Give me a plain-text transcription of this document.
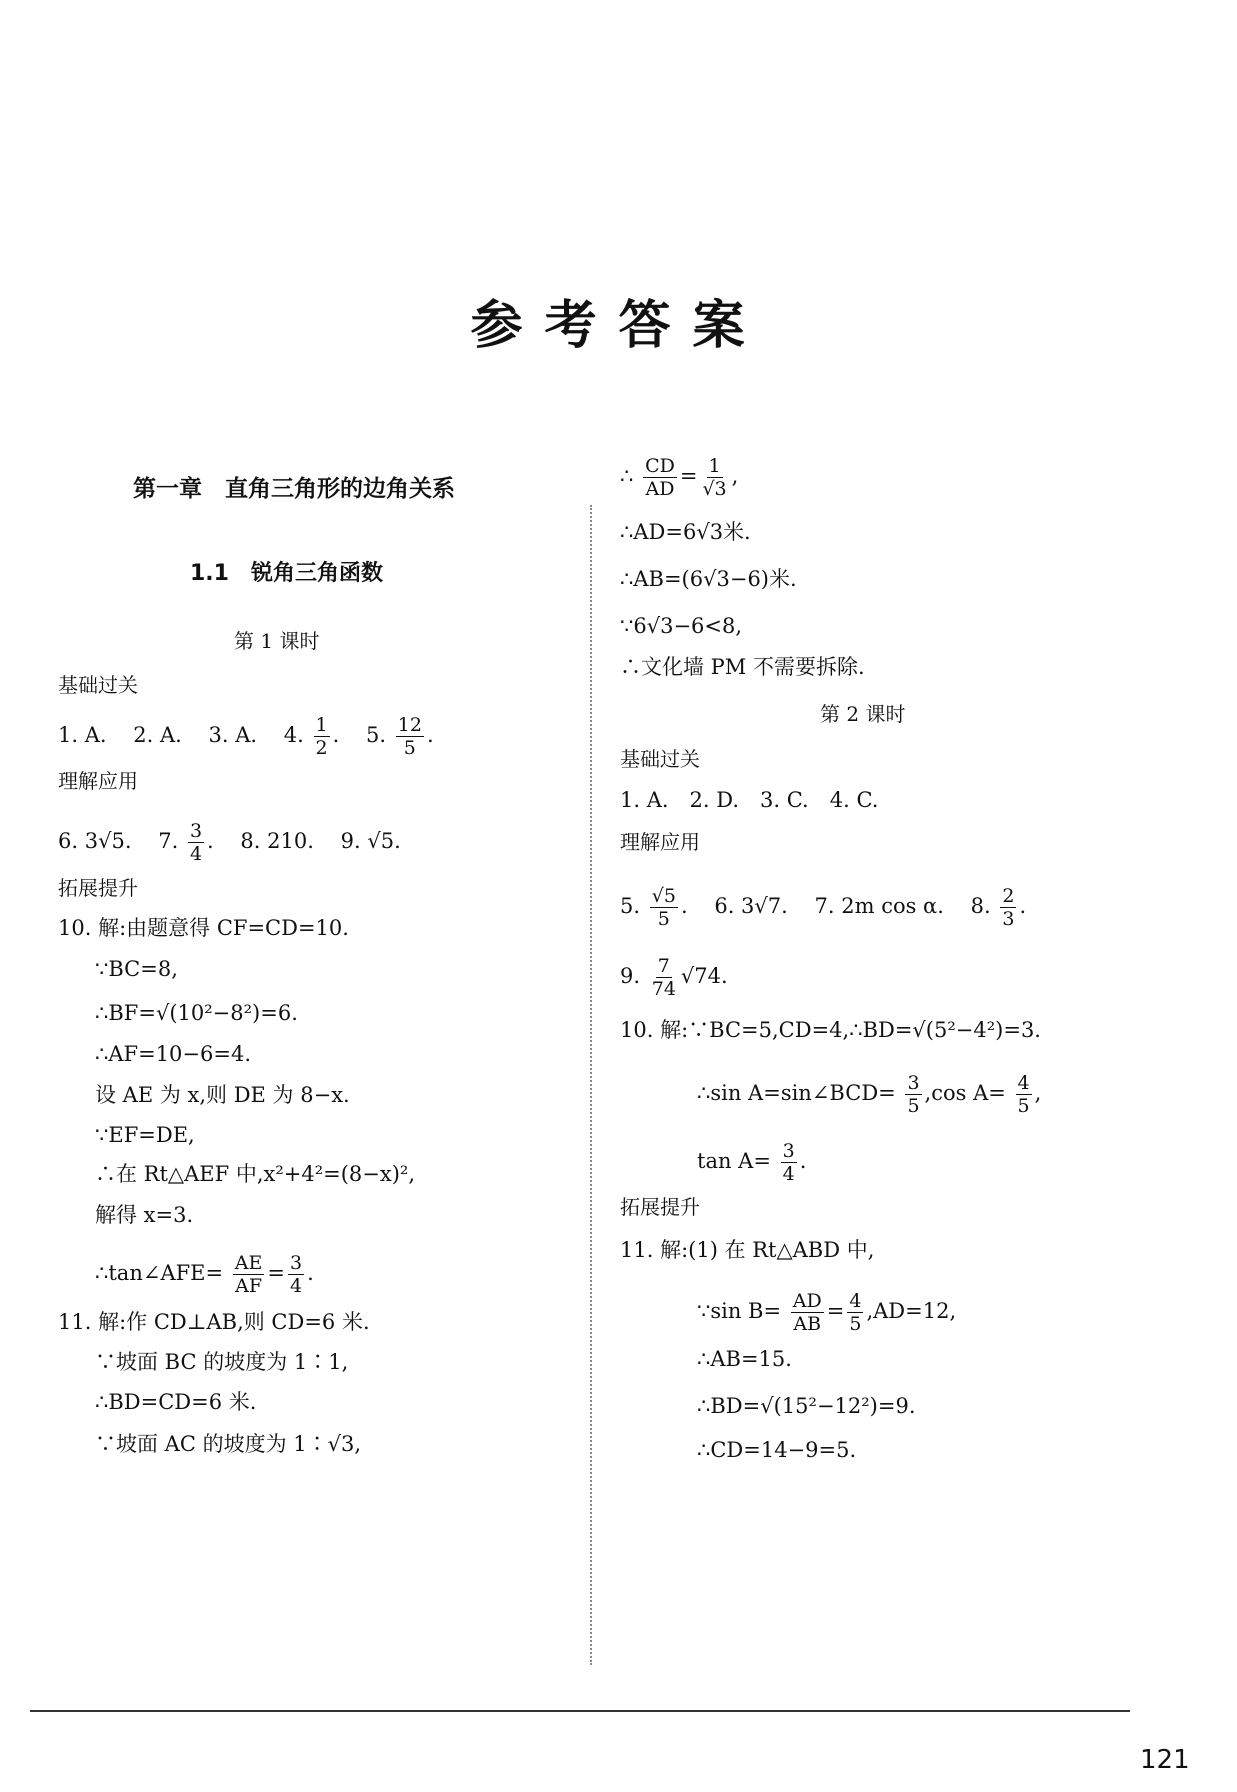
参考答案
第一章　直角三角形的边角关系
1.1　锐角三角函数
第 1 课时
基础过关
1. A. 2. A. 3. A. 4. $\frac{1}{2}$ .    5. $\frac{12}{5}$ .
理解应用
6. 3√5. 7. $\frac{3}{4}$ .    8. 210. 9. √5.
拓展提升
10. 解:由题意得 CF=CD=10.
∵BC=8,
∴BF=√(10²−8²)=6.
∴AF=10−6=4.
设 AE 为 x,则 DE 为 8−x.
∵EF=DE,
∴在 Rt△AEF 中,x²+4²=(8−x)²,
解得 x=3.
∴tan∠AFE= $\frac{AE}{AF} = \frac{3}{4}$ .
11. 解:作 CD⊥AB,则 CD=6 米.
∵坡面 BC 的坡度为 1∶1,
∴BD=CD=6 米.
∵坡面 AC 的坡度为 1∶√3,
∴ $\frac{CD}{AD} = \frac{1}{√3}$ ,
∴AD=6√3米.
∴AB=(6√3−6)米.
∵6√3−6<8,
∴文化墙 PM 不需要拆除.
第 2 课时
基础过关
1. A.　2. D.　3. C.　4. C.
理解应用
5. $\frac{√5}{5}$ .    6. 3√7. 7. 2m cos α. 8. $\frac{2}{3}$ .
9. $\frac{7}{74} √74$.
10. 解:∵BC=5,CD=4,∴BD=√(5²−4²)=3.
∴sin A=sin∠BCD= $\frac{3}{5} ,\cos$ $A= \frac{4}{5}$ ,
$\tan A= \frac{3}{4}$ .
拓展提升
11. 解:(1) 在 Rt△ABD 中,
∵sin $B= \frac{AD}{AB} = \frac{4}{5} ,AD=12$,
∴AB=15.
∴BD=√(15²−12²)=9.
∴CD=14−9=5.
121
